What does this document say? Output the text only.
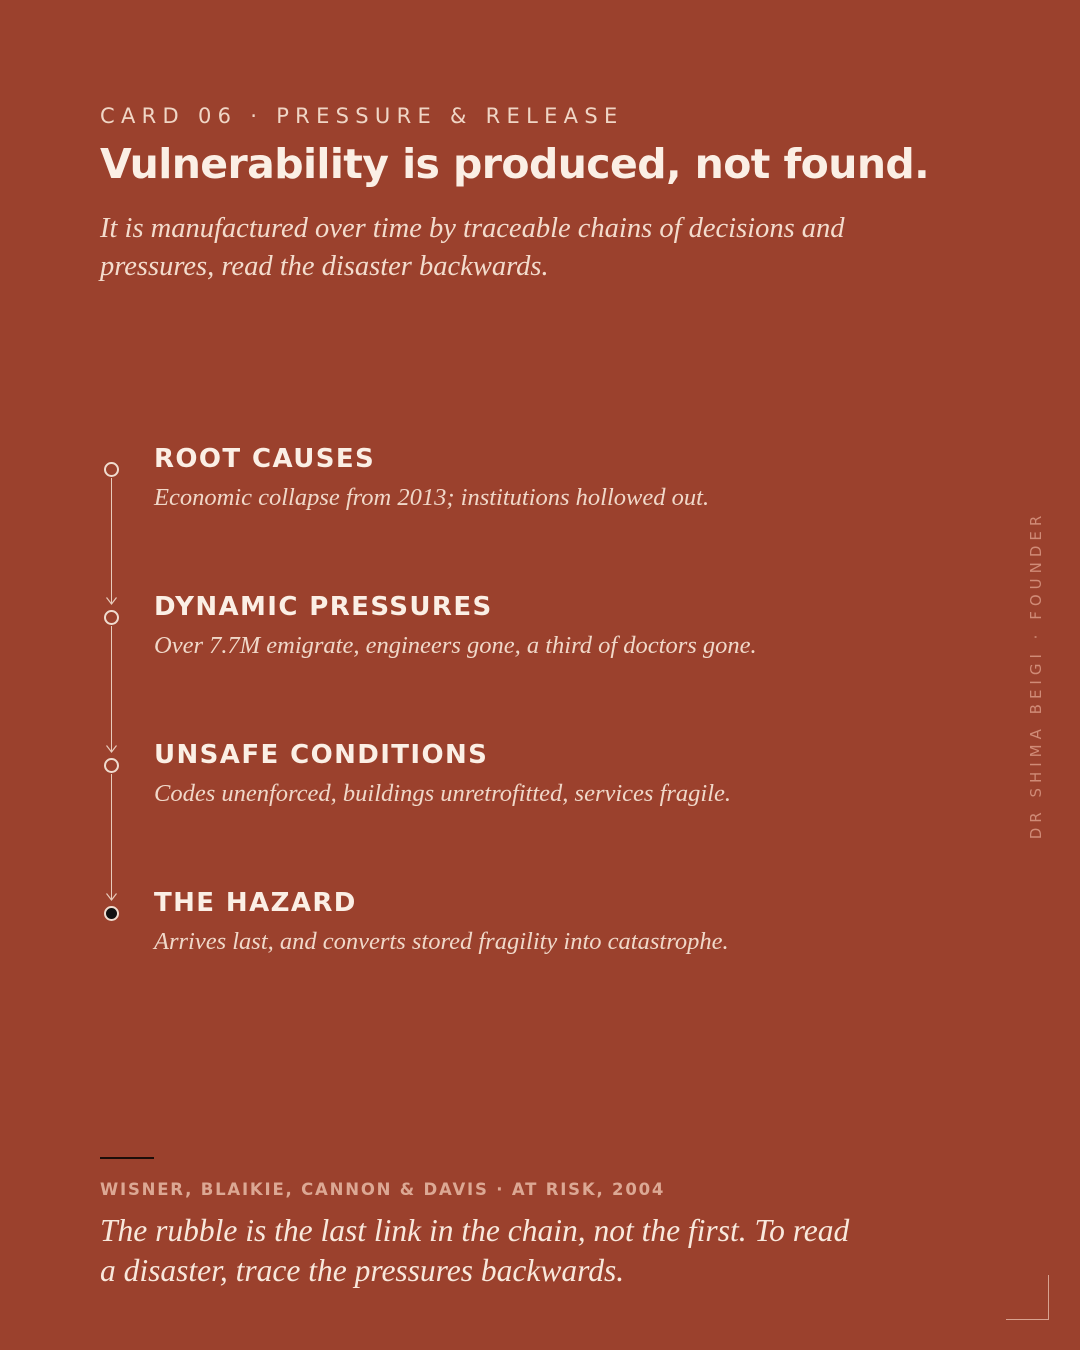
CARD 06 · PRESSURE & RELEASE
Vulnerability is produced, not found.

It is manufactured over time by traceable chains of decisions and pressures, read the disaster backwards.

ROOT CAUSES
Economic collapse from 2013; institutions hollowed out.
DYNAMIC PRESSURES
Over 7.7M emigrate, engineers gone, a third of doctors gone.
UNSAFE CONDITIONS
Codes unenforced, buildings unretrofitted, services fragile.
THE HAZARD
Arrives last, and converts stored fragility into catastrophe.
DR SHIMA BEIGI · FOUNDER
WISNER, BLAIKIE, CANNON & DAVIS · AT RISK, 2004

The rubble is the last link in the chain, not the first. To read a disaster, trace the pressures backwards.
